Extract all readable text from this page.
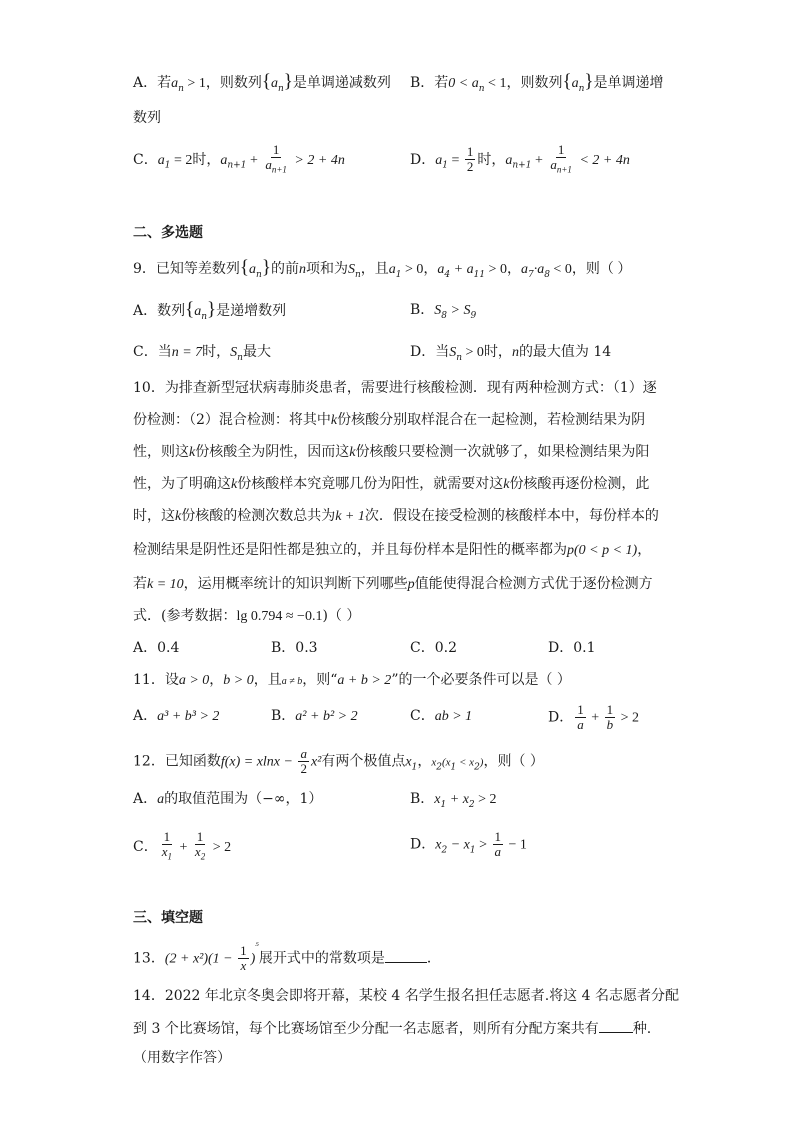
A．若$a_n > 1$，则数列$\{a_n\}$是单调递减数列 B．若$0 < a_n < 1$，则数列$\{a_n\}$是单调递增
数列
C．$a_1 = 2$时，$a_{n+1} + \frac{1}{a_{n+1}} > 2 + 4n$	D．$a_1 = \frac{1}{2}$ 时，$a_{n+1} + \frac{1}{a_{n+1}} < 2 + 4n$
二、多选题
9．已知等差数列$\{a_n\}$的前n项和为$S_n$，且$a_1 > 0$，$a_4 + a_{11} > 0$，$a_7\cdot a_8 < 0$，则（ ）
A．数列$\{a_n\}$是递增数列	B．$S_8 > S_9$
C．当n = 7时，$S_n$最大	D．当$S_n > 0$时，n的最大值为 14
10．为排查新型冠状病毒肺炎患者，需要进行核酸检测．现有两种检测方式：（1）逐
份检测：（2）混合检测：将其中k份核酸分别取样混合在一起检测，若检测结果为阴
性，则这k份核酸全为阴性，因而这k份核酸只要检测一次就够了，如果检测结果为阳
性，为了明确这k份核酸样本究竟哪几份为阳性，就需要对这k份核酸再逐份检测，此
时，这k份核酸的检测次数总共为k + 1次．假设在接受检测的核酸样本中，每份样本的
检测结果是阴性还是阳性都是独立的，并且每份样本是阳性的概率都为p(0 < p < 1)，
若k = 10，运用概率统计的知识判断下列哪些p值能使得混合检测方式优于逐份检测方
式．(参考数据：lg 0.794 ≈ −0.1)（ ）
A．0.4	B．0.3	C．0.2	D．0.1
11．设a > 0，b > 0，且a ≠ b，则“a + b > 2”的一个必要条件可以是（ ）
A．a³ + b³ > 2	B．a² + b² > 2	C．ab > 1	D． $\frac{1}{a} + \frac{1}{b} > 2$
12．已知函数$f(x) = xlnx - \frac{a}{2} x^2$有两个极值点$x_1$，$x_2(x_1 < x_2)$，则（ ）
A．a的取值范围为（−∞，1）	B．$x_1 + x_2 > 2$
C． $\frac{1}{x_1} + \frac{1}{x_2} > 2$	D．$x_2 - x_1 > \frac{1}{a} - 1$
三、填空题
13．$(2 + x^2)(1 - \frac{1}{x} )^{^5}$展开式中的常数项是	．
14．2022 年北京冬奥会即将开幕，某校 4 名学生报名担任志愿者.将这 4 名志愿者分配
到 3 个比赛场馆，每个比赛场馆至少分配一名志愿者，则所有分配方案共有 种.
（用数字作答）
